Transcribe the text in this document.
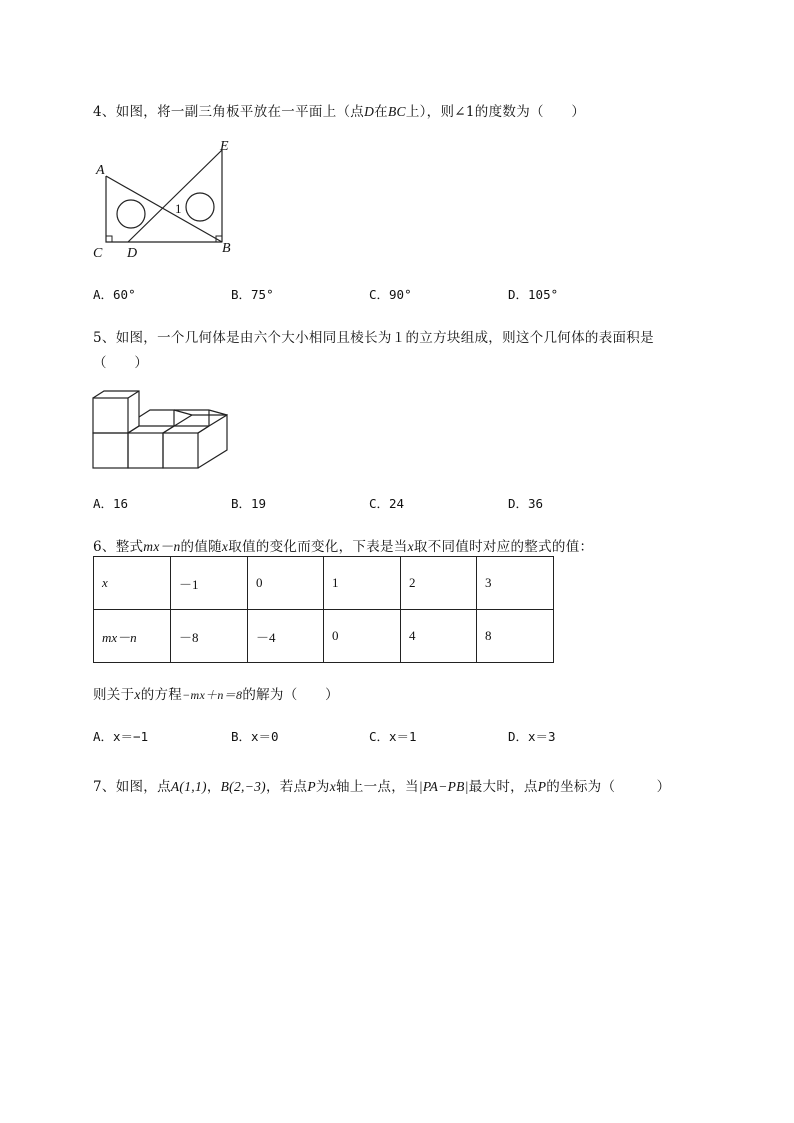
4、如图，将一副三角板平放在一平面上（点D在BC上），则∠1的度数为（　　）
A
E
C D	B
1
A．60°	B．75°	C．90°	D．105°
5、如图，一个几何体是由六个大小相同且棱长为１的立方块组成，则这个几何体的表面积是
（　　）
A．16	B．19	C．24	D．36
6、整式mx－n的值随x取值的变化而变化，下表是当x取不同值时对应的整式的值：
x	－1	0	1	2	3
mx－n	－8	－4	0	4	8
则关于x的方程−mx＋n＝8的解为（　　）
A．x＝−1	B．x＝0	C．x＝1	D．x＝3
7、如图，点A(1,1)，B(2,−3)，若点P为x轴上一点，当|PA−PB|最大时，点P的坐标为（　　　）
